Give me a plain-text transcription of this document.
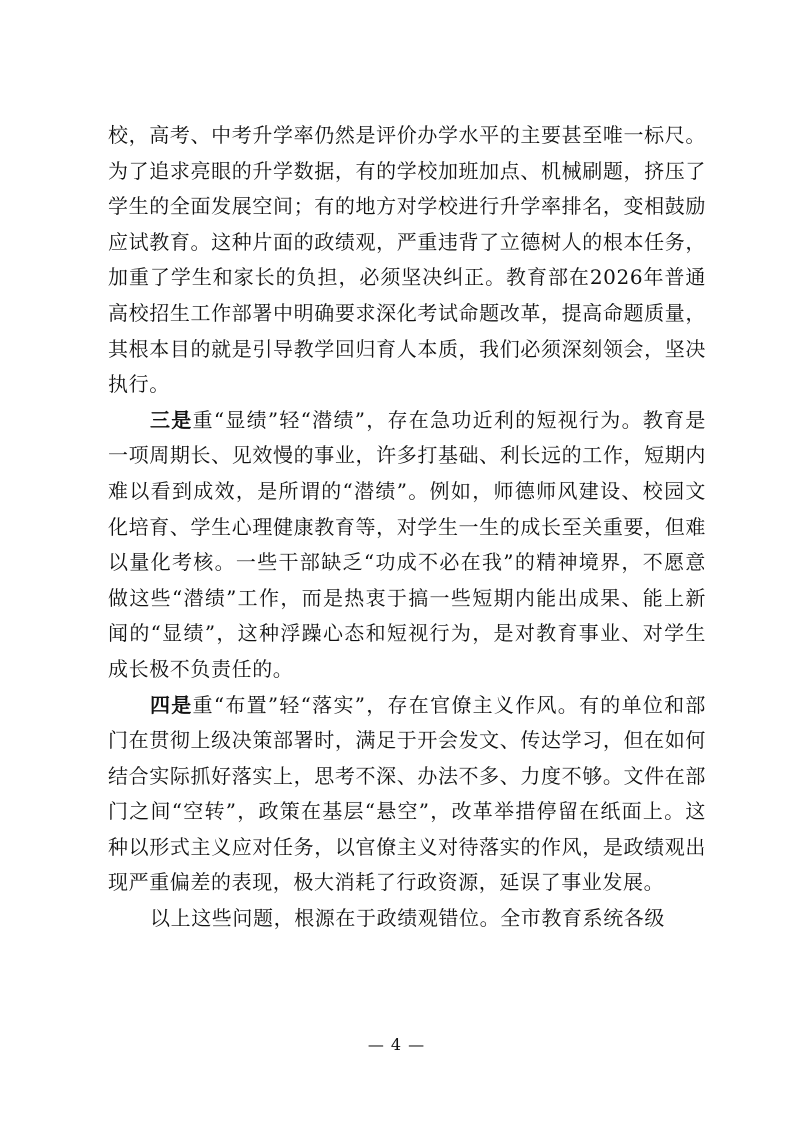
校，高考、中考升学率仍然是评价办学水平的主要甚至唯一标尺。为了追求亮眼的升学数据，有的学校加班加点、机械刷题，挤压了学生的全面发展空间；有的地方对学校进行升学率排名，变相鼓励应试教育。这种片面的政绩观，严重违背了立德树人的根本任务，加重了学生和家长的负担，必须坚决纠正。教育部在2026年普通高校招生工作部署中明确要求深化考试命题改革，提高命题质量，其根本目的就是引导教学回归育人本质，我们必须深刻领会，坚决执行。

三是重“显绩”轻“潜绩”，存在急功近利的短视行为。教育是一项周期长、见效慢的事业，许多打基础、利长远的工作，短期内难以看到成效，是所谓的“潜绩”。例如，师德师风建设、校园文化培育、学生心理健康教育等，对学生一生的成长至关重要，但难以量化考核。一些干部缺乏“功成不必在我”的精神境界，不愿意做这些“潜绩”工作，而是热衷于搞一些短期内能出成果、能上新闻的“显绩”，这种浮躁心态和短视行为，是对教育事业、对学生成长极不负责任的。

四是重“布置”轻“落实”，存在官僚主义作风。有的单位和部门在贯彻上级决策部署时，满足于开会发文、传达学习，但在如何结合实际抓好落实上，思考不深、办法不多、力度不够。文件在部门之间“空转”，政策在基层“悬空”，改革举措停留在纸面上。这种以形式主义应对任务，以官僚主义对待落实的作风，是政绩观出现严重偏差的表现，极大消耗了行政资源，延误了事业发展。

以上这些问题，根源在于政绩观错位。全市教育系统各级

— 4 —
